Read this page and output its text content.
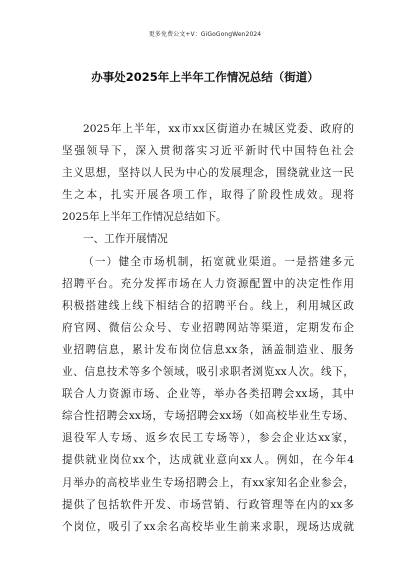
更多免费公文+V：GiGoGongWen2024
办事处2025年上半年工作情况总结（街道）
2025年上半年，xx市xx区街道办在城区党委、政府的
坚强领导下，深入贯彻落实习近平新时代中国特色社会
主义思想，坚持以人民为中心的发展理念，围绕就业这一民
生之本，扎实开展各项工作，取得了阶段性成效。现将
2025年上半年工作情况总结如下。
一、工作开展情况
（一）健全市场机制，拓宽就业渠道。一是搭建多元
招聘平台。充分发挥市场在人力资源配置中的决定性作用
积极搭建线上线下相结合的招聘平台。线上，利用城区政
府官网、微信公众号、专业招聘网站等渠道，定期发布企
业招聘信息，累计发布岗位信息xx条，涵盖制造业、服务
业、信息技术等多个领域，吸引求职者浏览xx人次。线下，
联合人力资源市场、企业等，举办各类招聘会xx场，其中
综合性招聘会xx场，专场招聘会xx场（如高校毕业生专场、
退役军人专场、返乡农民工专场等），参会企业达xx家，
提供就业岗位xx个，达成就业意向xx人。例如，在今年4
月举办的高校毕业生专场招聘会上，有xx家知名企业参会，
提供了包括软件开发、市场营销、行政管理等在内的xx多
个岗位，吸引了xx余名高校毕业生前来求职，现场达成就
